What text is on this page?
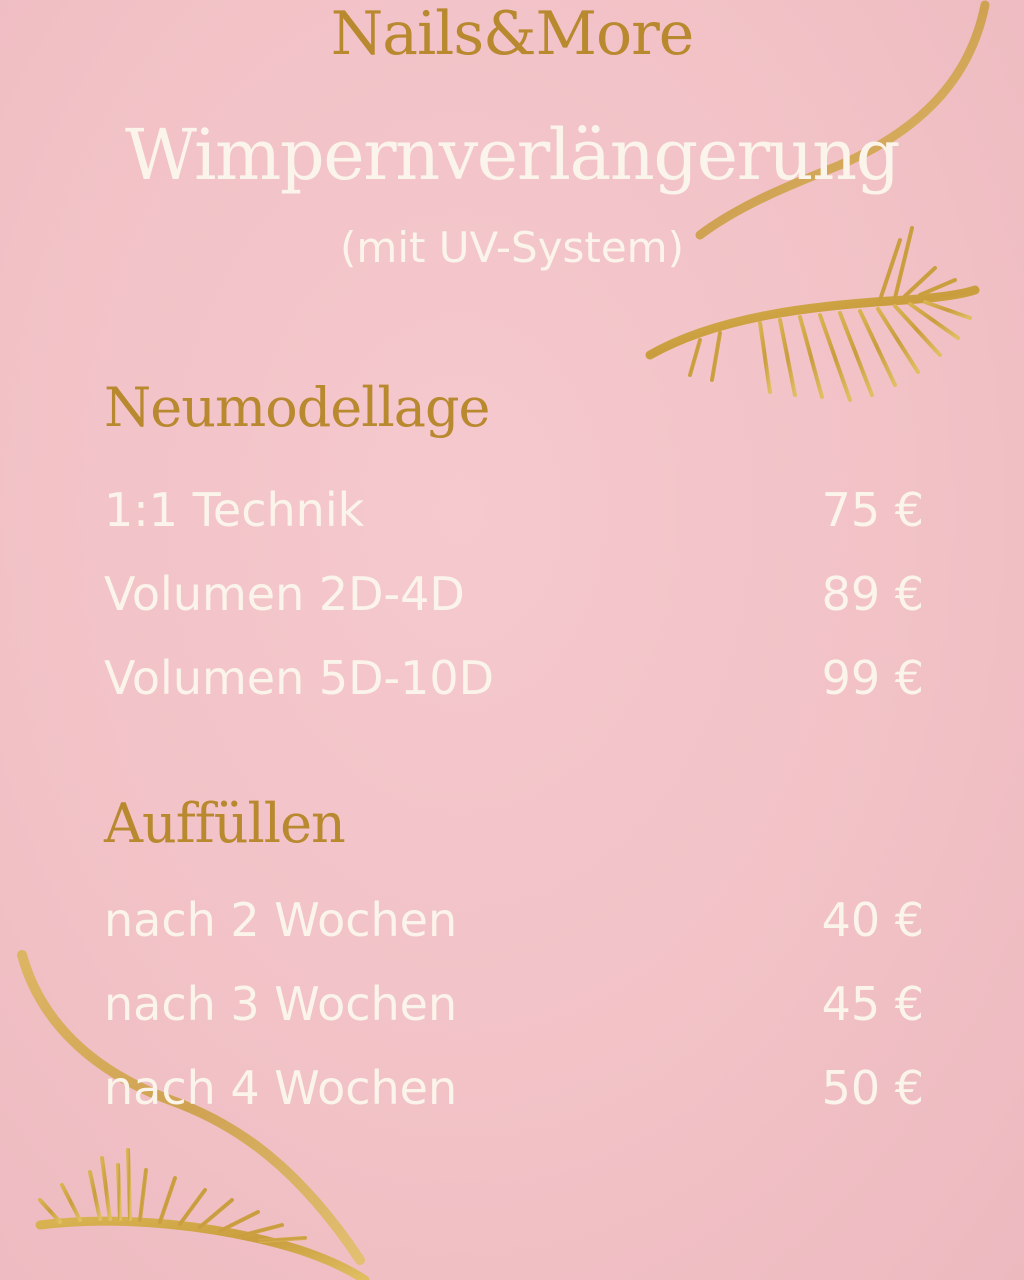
Nails&More
Wimpernverlängerung
(mit UV-System)
Neumodellage
1:1 Technik	75 €
Volumen 2D-4D	89 €
Volumen 5D-10D	99 €
Auffüllen
nach 2 Wochen	40 €
nach 3 Wochen	45 €
nach 4 Wochen	50 €
